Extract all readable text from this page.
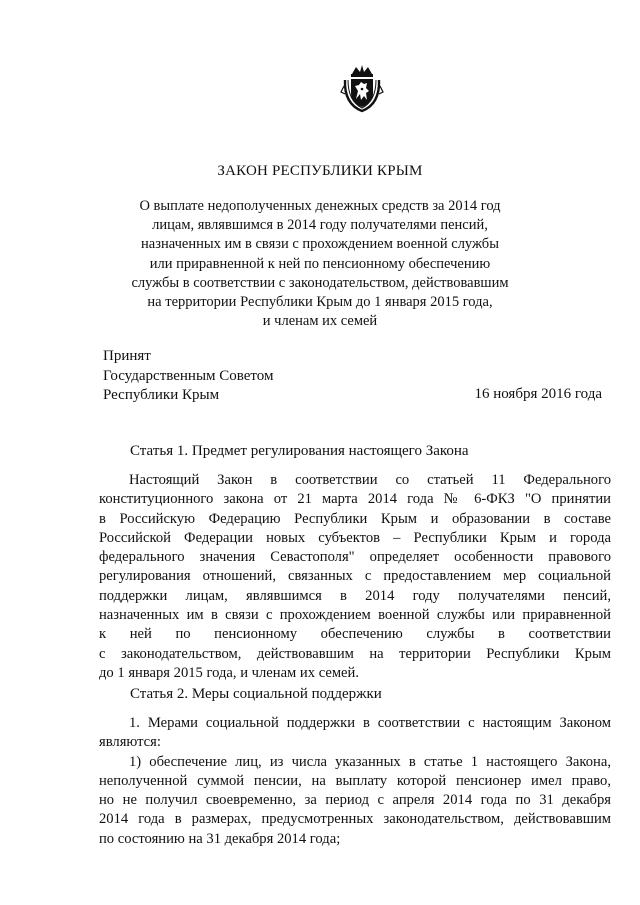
ЗАКОН РЕСПУБЛИКИ КРЫМ
О выплате недополученных денежных средств за 2014 год
лицам, являвшимся в 2014 году получателями пенсий,
назначенных им в связи с прохождением военной службы
или приравненной к ней по пенсионному обеспечению
службы в соответствии с законодательством, действовавшим
на территории Республики Крым до 1 января 2015 года,
и членам их семей
Принят
Государственным Советом
Республики Крым	16 ноября 2016 года
Статья 1. Предмет регулирования настоящего Закона
Настоящий Закон в соответствии со статьей 11 Федерального
конституционного закона от 21 марта 2014 года № 6-ФКЗ "О принятии
в Российскую Федерацию Республики Крым и образовании в составе
Российской Федерации новых субъектов – Республики Крым и города
федерального значения Севастополя" определяет особенности правового
регулирования отношений, связанных с предоставлением мер социальной
поддержки лицам, являвшимся в 2014 году получателями пенсий,
назначенных им в связи с прохождением военной службы или приравненной
к ней по пенсионному обеспечению службы в соответствии
с законодательством, действовавшим на территории Республики Крым
до 1 января 2015 года, и членам их семей.
Статья 2. Меры социальной поддержки
1. Мерами социальной поддержки в соответствии с настоящим Законом
являются:
1) обеспечение лиц, из числа указанных в статье 1 настоящего Закона,
неполученной суммой пенсии, на выплату которой пенсионер имел право,
но не получил своевременно, за период с апреля 2014 года по 31 декабря
2014 года в размерах, предусмотренных законодательством, действовавшим
по состоянию на 31 декабря 2014 года;
